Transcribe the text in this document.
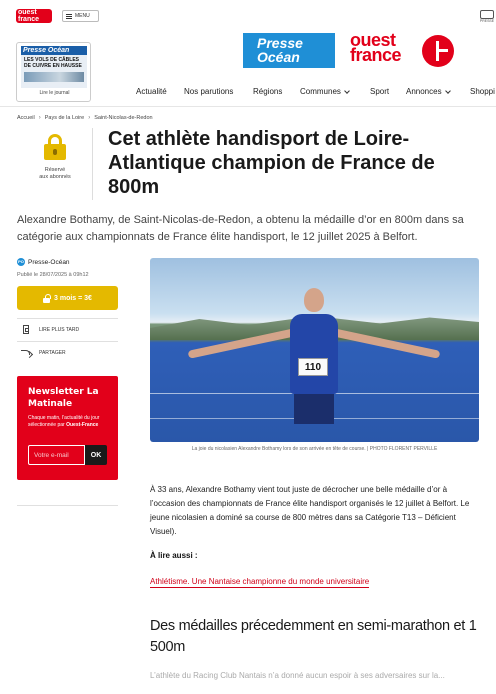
ouest
france	MENU
PRESSE
Presse Océan
LES VOLS DE CÂBLES DE CUIVRE EN HAUSSE
Lire le journal
Presse
Océan
ouest
france
Actualité Nos parutions Régions Communes	Sport Annonces	Shoppi
Accueil › Pays de la Loire › Saint-Nicolas-de-Redon
Réservé
aux abonnés
Cet athlète handisport de Loire-Atlantique champion de France de 800m

Alexandre Bothamy, de Saint-Nicolas-de-Redon, a obtenu la médaille d’or en 800m dans sa catégorie aux championnats de France élite handisport, le 12 juillet 2025 à Belfort.

PO Presse-Océan
Publié le 28/07/2025 à 09h12
3 mois = 3€
LIRE PLUS TARD
PARTAGER
Newsletter La Matinale
Chaque matin, l’actualité du jour sélectionnée par Ouest-France
Votre e-mail
OK
110
La joie du nicolasien Alexandre Bothamy lors de son arrivée en tête de course. | PHOTO FLORENT PERVILLE

À 33 ans, Alexandre Bothamy vient tout juste de décrocher une belle médaille d’or à l’occasion des championnats de France élite handisport organisés le 12 juillet à Belfort. Le jeune nicolasien a dominé sa course de 800 mètres dans sa Catégorie T13 – Déficient Visuel).

À lire aussi :
Athlétisme. Une Nantaise championne du monde universitaire
Des médailles précedemment en semi-marathon et 1 500m

L’athlète du Racing Club Nantais n’a donné aucun espoir à ses adversaires sur la...
